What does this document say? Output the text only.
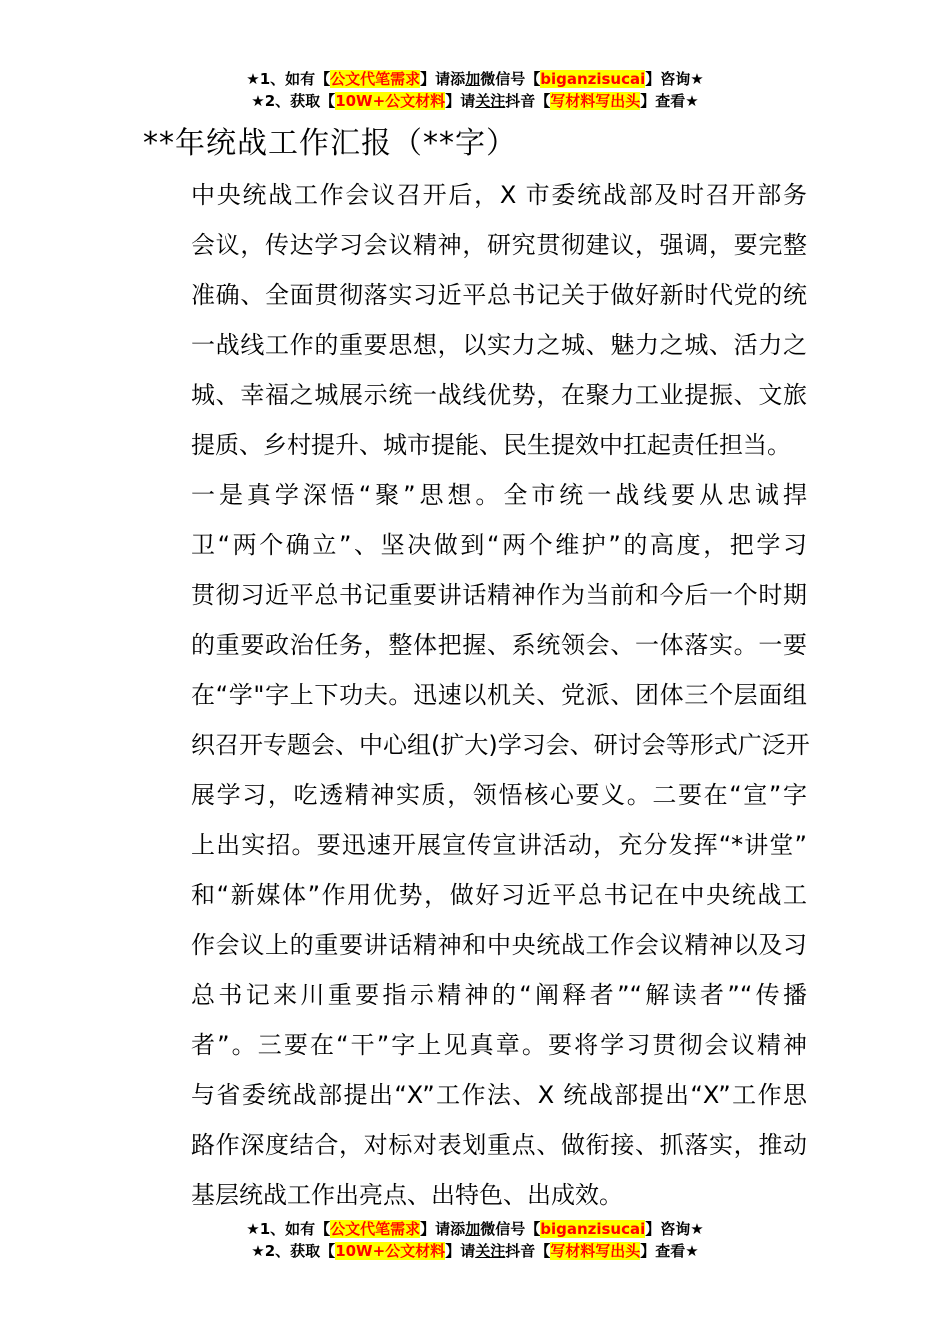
★1、如有【公文代笔需求】请添加微信号【biganzisucai】咨询★
★2、获取【10W+公文材料】请关注抖音【写材料写出头】查看★
**年统战工作汇报（**字）
中央统战工作会议召开后，X 市委统战部及时召开部务
会议，传达学习会议精神，研究贯彻建议，强调，要完整
准确、全面贯彻落实习近平总书记关于做好新时代党的统
一战线工作的重要思想，以实力之城、魅力之城、活力之
城、幸福之城展示统一战线优势，在聚力工业提振、文旅
提质、乡村提升、城市提能、民生提效中扛起责任担当。
一是真学深悟“聚”思想。全市统一战线要从忠诚捍
卫“两个确立”、坚决做到“两个维护”的高度，把学习
贯彻习近平总书记重要讲话精神作为当前和今后一个时期
的重要政治任务，整体把握、系统领会、一体落实。一要
在“学"字上下功夫。迅速以机关、党派、团体三个层面组
织召开专题会、中心组(扩大)学习会、研讨会等形式广泛开
展学习，吃透精神实质，领悟核心要义。二要在“宣”字
上出实招。要迅速开展宣传宣讲活动，充分发挥“*讲堂”
和“新媒体”作用优势，做好习近平总书记在中央统战工
作会议上的重要讲话精神和中央统战工作会议精神以及习
总书记来川重要指示精神的“阐释者”“解读者”“传播
者”。三要在“干”字上见真章。要将学习贯彻会议精神
与省委统战部提出“X”工作法、X 统战部提出“X”工作思
路作深度结合，对标对表划重点、做衔接、抓落实，推动
基层统战工作出亮点、出特色、出成效。
★1、如有【公文代笔需求】请添加微信号【biganzisucai】咨询★
★2、获取【10W+公文材料】请关注抖音【写材料写出头】查看★
